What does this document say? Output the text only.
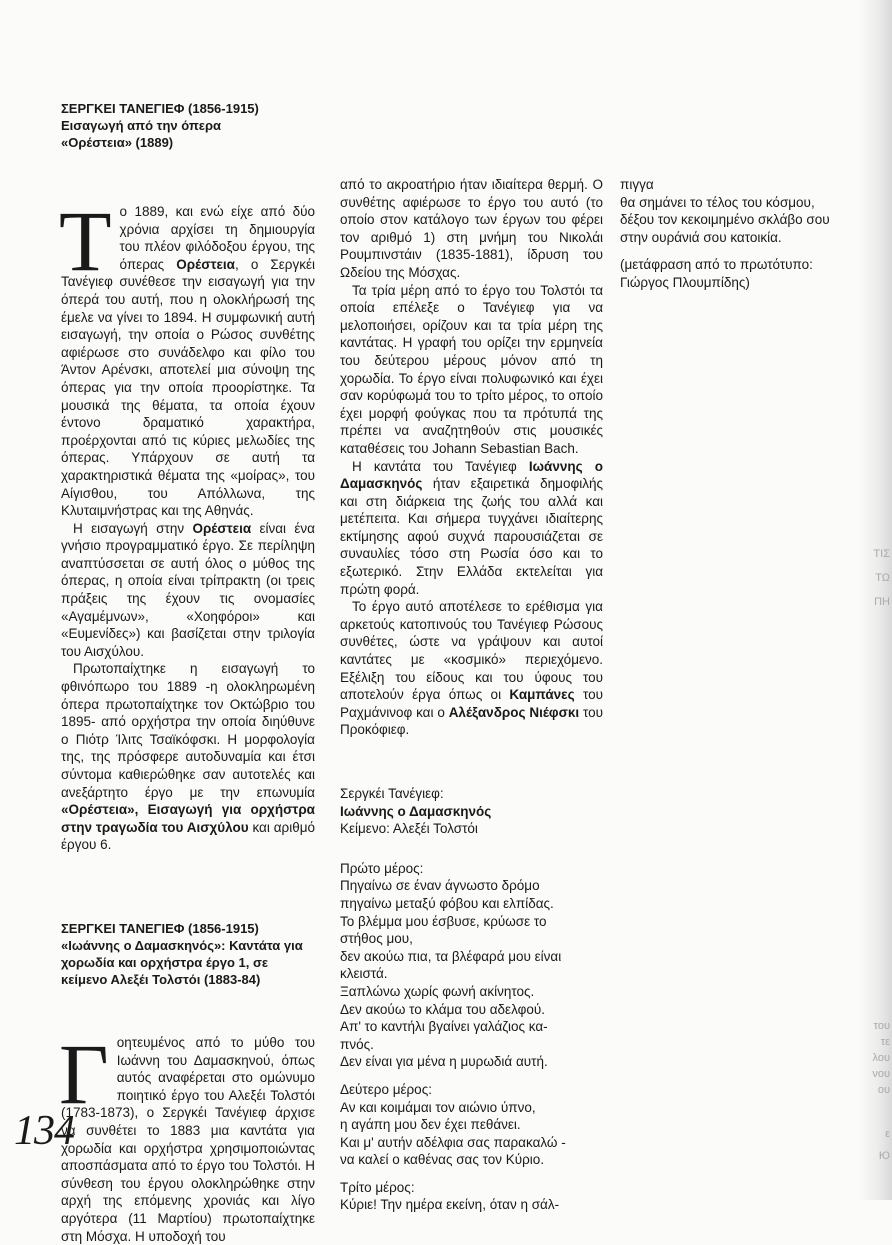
ΤΙΣ
ΤΩ
ΠΗ
του
τε
λου
νου
ου
ε
Ю
ΣΕΡΓΚΕΙ ΤΑΝΕΓΙΕΦ (1856-1915)
Εισαγωγή από την όπερα
«Ορέστεια» (1889)

Το 1889, και ενώ είχε από δύο χρόνια αρχίσει τη δημιουργία του πλέον φιλόδοξου έργου, της όπερας Ορέστεια, ο Σεργκέι Τανέγιεφ συνέθεσε την εισαγωγή για την όπερά του αυτή, που η ολοκλήρωσή της έμελε να γίνει το 1894. Η συμφωνική αυτή εισαγωγή, την οποία ο Ρώσος συνθέτης αφιέρωσε στο συνάδελφο και φίλο του Άντον Αρένσκι, αποτελεί μια σύνοψη της όπερας για την οποία προορίστηκε. Τα μουσικά της θέματα, τα οποία έχουν έντονο δραματικό χαρακτήρα, προέρχονται από τις κύριες μελωδίες της όπερας. Υπάρχουν σε αυτή τα χαρακτηριστικά θέματα της «μοίρας», του Αίγισθου, του Απόλλωνα, της Κλυταιμνήστρας και της Αθηνάς.

Η εισαγωγή στην Ορέστεια είναι ένα γνήσιο προγραμματικό έργο. Σε περίληψη αναπτύσσεται σε αυτή όλος ο μύθος της όπερας, η οποία είναι τρίπρακτη (οι τρεις πράξεις της έχουν τις ονομασίες «Αγαμέμνων», «Χοηφόροι» και «Ευμενίδες») και βασίζεται στην τριλογία του Αισχύλου.

Πρωτοπαίχτηκε η εισαγωγή το φθινόπωρο του 1889 -η ολοκληρωμένη όπερα πρωτοπαίχτηκε τον Οκτώβριο του 1895- από ορχήστρα την οποία διηύθυνε ο Πιότρ Ίλιτς Τσαϊκόφσκι. Η μορφολογία της, της πρόσφερε αυτοδυναμία και έτσι σύντομα καθιερώθηκε σαν αυτοτελές και ανεξάρτητο έργο με την επωνυμία «Ορέστεια», Εισαγωγή για ορχήστρα στην τραγωδία του Αισχύλου και αριθμό έργου 6.

ΣΕΡΓΚΕΙ ΤΑΝΕΓΙΕΦ (1856-1915)
«Ιωάννης ο Δαμασκηνός»: Καντάτα για χορωδία και ορχήστρα έργο 1, σε κείμενο Αλεξέι Τολστόι (1883-84)

Γοητευμένος από το μύθο του Ιωάννη του Δαμασκηνού, όπως αυτός αναφέρεται στο ομώνυμο ποιητικό έργο του Αλεξέι Τολστόι (1783-1873), ο Σεργκέι Τανέγιεφ άρχισε να συνθέτει το 1883 μια καντάτα για χορωδία και ορχήστρα χρησιμοποιώντας αποσπάσματα από το έργο του Τολστόι. Η σύνθεση του έργου ολοκληρώθηκε στην αρχή της επόμενης χρονιάς και λίγο αργότερα (11 Μαρτίου) πρωτοπαίχτηκε στη Μόσχα. Η υποδοχή του

από το ακροατήριο ήταν ιδιαίτερα θερμή. Ο συνθέτης αφιέρωσε το έργο του αυτό (το οποίο στον κατάλογο των έργων του φέρει τον αριθμό 1) στη μνήμη του Νικολάι Ρουμπινστάιν (1835-1881), ίδρυση του Ωδείου της Μόσχας.

Τα τρία μέρη από το έργο του Τολστόι τα οποία επέλεξε ο Τανέγιεφ για να μελοποιήσει, ορίζουν και τα τρία μέρη της καντάτας. Η γραφή του ορίζει την ερμηνεία του δεύτερου μέρους μόνον από τη χορωδία. Το έργο είναι πολυφωνικό και έχει σαν κορύφωμά του το τρίτο μέρος, το οποίο έχει μορφή φούγκας που τα πρότυπά της πρέπει να αναζητηθούν στις μουσικές καταθέσεις του Johann Sebastian Bach.

Η καντάτα του Τανέγιεφ Ιωάννης ο Δαμασκηνός ήταν εξαιρετικά δημοφιλής και στη διάρκεια της ζωής του αλλά και μετέπειτα. Και σήμερα τυγχάνει ιδιαίτερης εκτίμησης αφού συχνά παρουσιάζεται σε συναυλίες τόσο στη Ρωσία όσο και το εξωτερικό. Στην Ελλάδα εκτελείται για πρώτη φορά.

Το έργο αυτό αποτέλεσε το ερέθισμα για αρκετούς κατοπινούς του Τανέγιεφ Ρώσους συνθέτες, ώστε να γράψουν και αυτοί καντάτες με «κοσμικό» περιεχόμενο. Εξέλιξη του είδους και του ύφους του αποτελούν έργα όπως οι Καμπάνες του Ραχμάνινοφ και ο Αλέξανδρος Νιέφσκι του Προκόφιεφ.

Σεργκέι Τανέγιεφ:
Ιωάννης ο Δαμασκηνός
Κείμενο: Αλεξέι Τολστόι
Πρώτο μέρος:
Πηγαίνω σε έναν άγνωστο δρόμο
πηγαίνω μεταξύ φόβου και ελπίδας.
Το βλέμμα μου έσβυσε, κρύωσε το
στήθος μου,
δεν ακούω πια, τα βλέφαρά μου είναι
κλειστά.
Ξαπλώνω χωρίς φωνή ακίνητος.
Δεν ακούω το κλάμα του αδελφού.
Απ' το καντήλι βγαίνει γαλάζιος κα-
πνός.
Δεν είναι για μένα η μυρωδιά αυτή.
Δεύτερο μέρος:
Αν και κοιμάμαι τον αιώνιο ύπνο,
η αγάπη μου δεν έχει πεθάνει.
Και μ' αυτήν αδέλφια σας παρακαλώ -
να καλεί ο καθένας σας τον Κύριο.
Τρίτο μέρος:
Κύριε! Την ημέρα εκείνη, όταν η σάλ-
πιγγα
θα σημάνει το τέλος του κόσμου,
δέξου τον κεκοιμημένο σκλάβο σου
στην ουράνιά σου κατοικία.
(μετάφραση από το πρωτότυπο:
Γιώργος Πλουμπίδης)
134
